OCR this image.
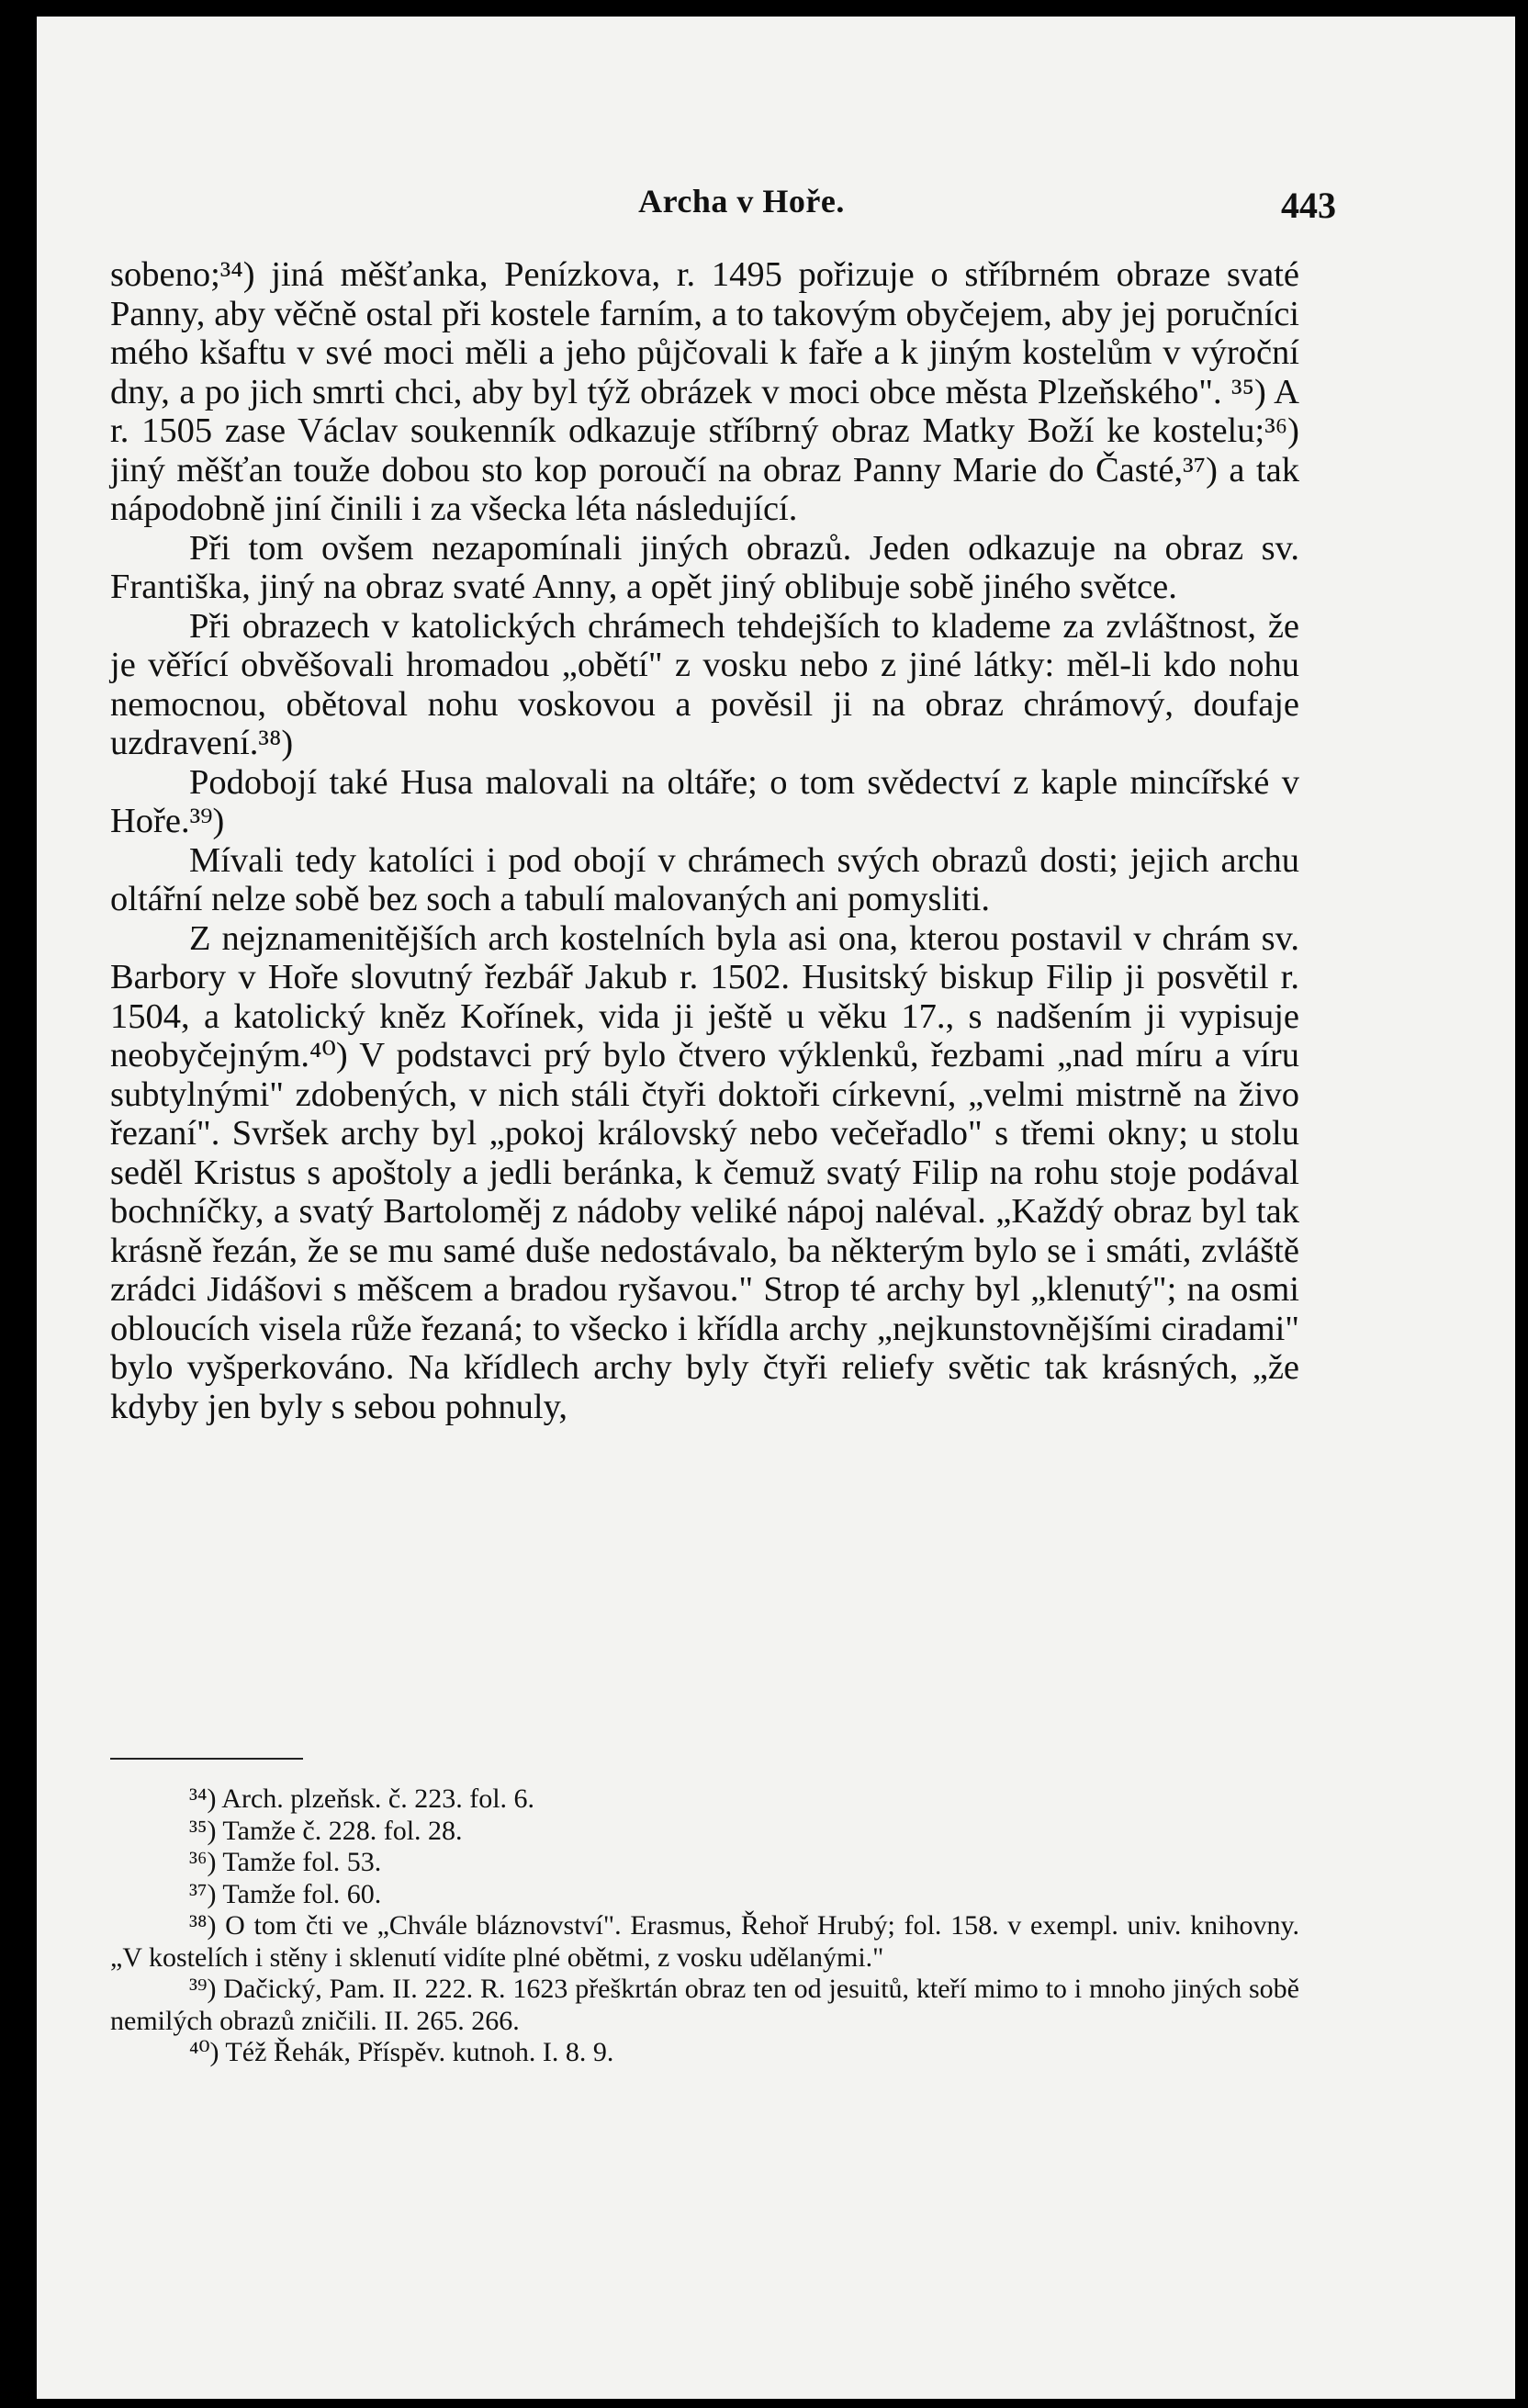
Archa v Hoře.	443

sobeno;³⁴) jiná měšťanka, Penízkova, r. 1495 pořizuje o stříbrném obraze svaté Panny, aby věčně ostal při kostele farním, a to takovým obyčejem, aby jej poručníci mého kšaftu v své moci měli a jeho půjčovali k faře a k jiným kostelům v výroční dny, a po jich smrti chci, aby byl týž obrázek v moci obce města Plzeňského". ³⁵) A r. 1505 zase Václav soukenník odkazuje stříbrný obraz Matky Boží ke kostelu;³⁶) jiný měšťan touže dobou sto kop poroučí na obraz Panny Marie do Časté,³⁷) a tak nápodobně jiní činili i za všecka léta následující.

Při tom ovšem nezapomínali jiných obrazů. Jeden odkazuje na obraz sv. Františka, jiný na obraz svaté Anny, a opět jiný oblibuje sobě jiného světce.

Při obrazech v katolických chrámech tehdejších to klademe za zvláštnost, že je věřící obvěšovali hromadou „obětí" z vosku nebo z jiné látky: měl-li kdo nohu nemocnou, obětoval nohu voskovou a pověsil ji na obraz chrámový, doufaje uzdravení.³⁸)

Podobojí také Husa malovali na oltáře; o tom svědectví z kaple mincířské v Hoře.³⁹)

Mívali tedy katolíci i pod obojí v chrámech svých obrazů dosti; jejich archu oltářní nelze sobě bez soch a tabulí malovaných ani pomysliti.

Z nejznamenitějších arch kostelních byla asi ona, kterou postavil v chrám sv. Barbory v Hoře slovutný řezbář Jakub r. 1502. Husitský biskup Filip ji posvětil r. 1504, a katolický kněz Kořínek, vida ji ještě u věku 17., s nadšením ji vypisuje neobyčejným.⁴⁰) V podstavci prý bylo čtvero výklenků, řezbami „nad míru a víru subtylnými" zdobených, v nich stáli čtyři doktoři církevní, „velmi mistrně na živo řezaní". Svršek archy byl „pokoj královský nebo večeřadlo" s třemi okny; u stolu seděl Kristus s apoštoly a jedli beránka, k čemuž svatý Filip na rohu stoje podával bochníčky, a svatý Bartoloměj z nádoby veliké nápoj naléval. „Každý obraz byl tak krásně řezán, že se mu samé duše nedostávalo, ba některým bylo se i smáti, zvláště zrádci Jidášovi s měšcem a bradou ryšavou." Strop té archy byl „klenutý"; na osmi obloucích visela růže řezaná; to všecko i křídla archy „nejkunstovnějšími ciradami" bylo vyšperkováno. Na křídlech archy byly čtyři reliefy světic tak krásných, „že kdyby jen byly s sebou pohnuly,

³⁴) Arch. plzeňsk. č. 223. fol. 6.

³⁵) Tamže č. 228. fol. 28.

³⁶) Tamže fol. 53.

³⁷) Tamže fol. 60.

³⁸) O tom čti ve „Chvále bláznovství". Erasmus, Řehoř Hrubý; fol. 158. v exempl. univ. knihovny. „V kostelích i stěny i sklenutí vidíte plné obětmi, z vosku udělanými."

³⁹) Dačický, Pam. II. 222. R. 1623 přeškrtán obraz ten od jesuitů, kteří mimo to i mnoho jiných sobě nemilých obrazů zničili. II. 265. 266.

⁴⁰) Též Řehák, Příspěv. kutnoh. I. 8. 9.
